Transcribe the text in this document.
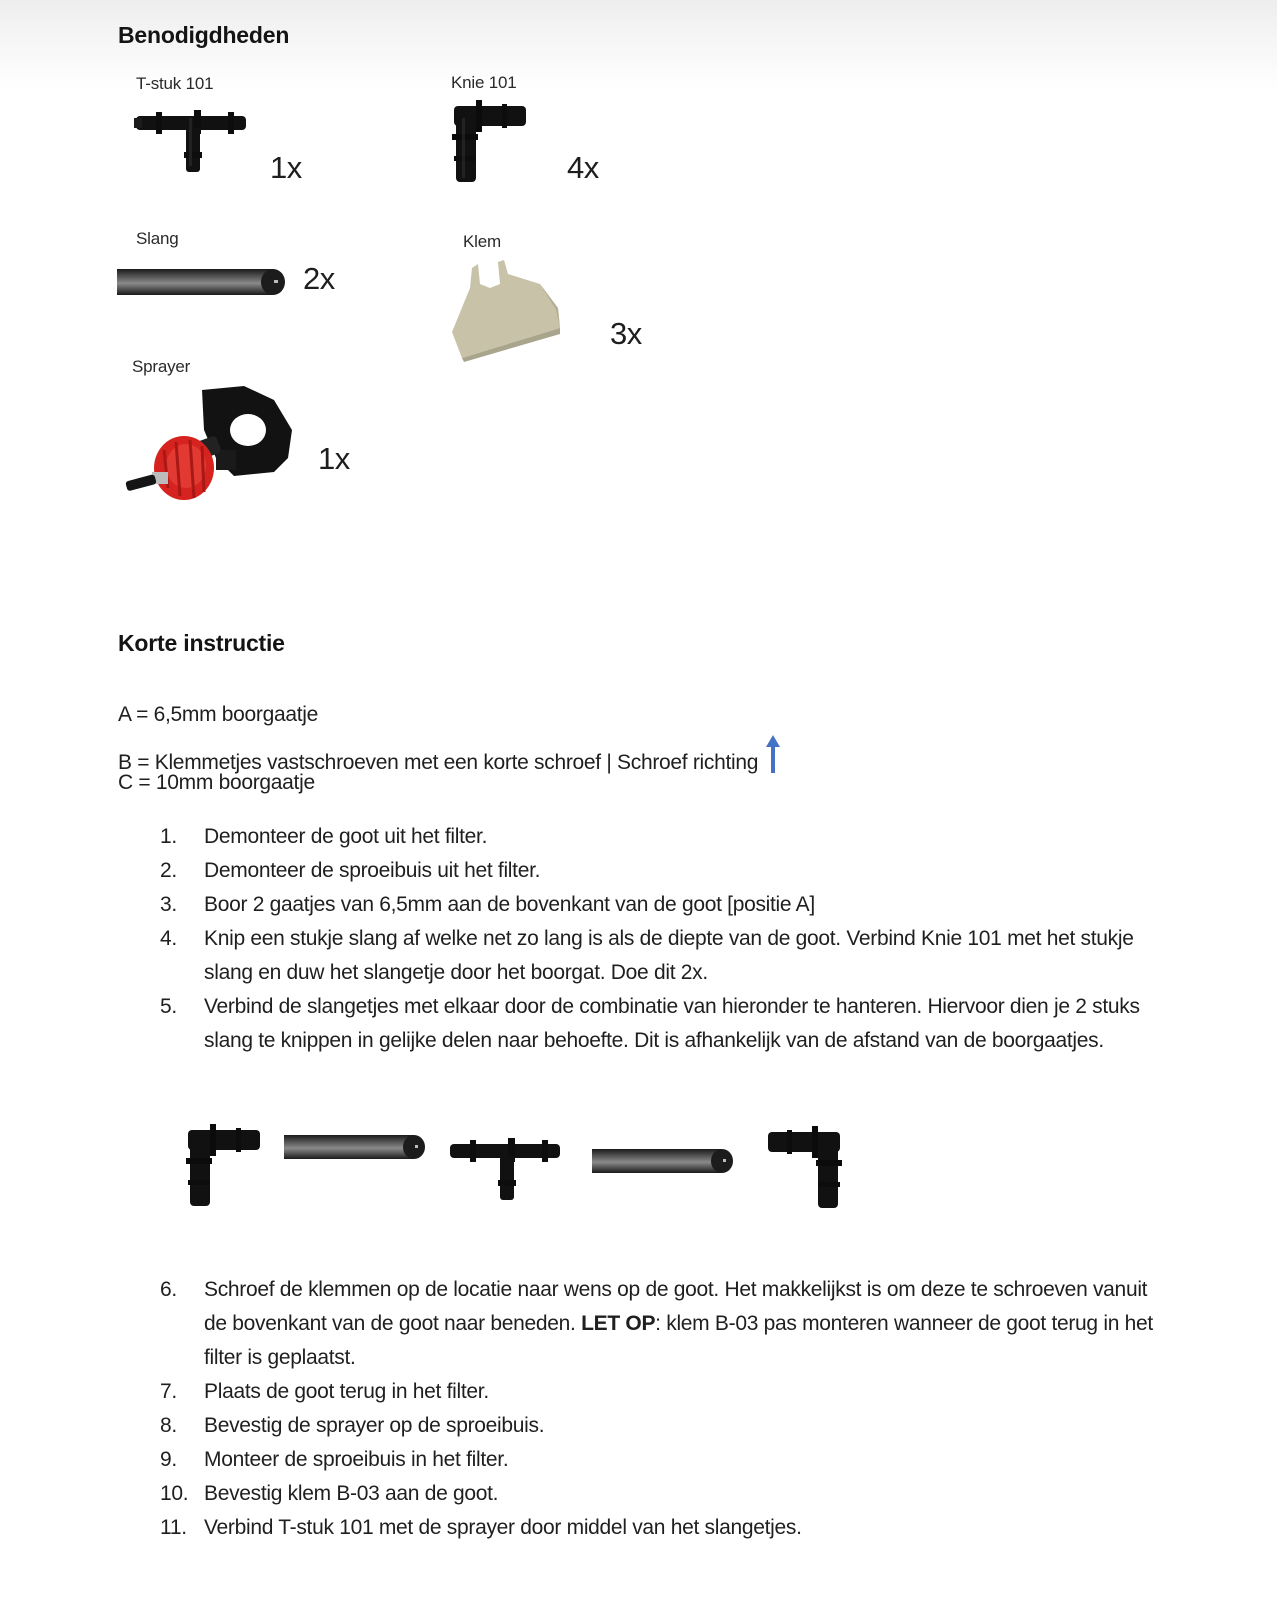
Benodigdheden
T-stuk 101
1x
Knie 101
4x
Slang
2x
Klem
3x
Sprayer
1x
Korte instructie
A = 6,5mm boorgaatje
B = Klemmetjes vastschroeven met een korte schroef | Schroef richting
C = 10mm boorgaatje
1.	Demonteer de goot uit het filter.
2.	Demonteer de sproeibuis uit het filter.
3.	Boor 2 gaatjes van 6,5mm aan de bovenkant van de goot [positie A]
4.	Knip een stukje slang af welke net zo lang is als de diepte van de goot. Verbind Knie 101 met het stukje slang en duw het slangetje door het boorgat. Doe dit 2x.
5.	Verbind de slangetjes met elkaar door de combinatie van hieronder te hanteren. Hiervoor dien je 2 stuks slang te knippen in gelijke delen naar behoefte. Dit is afhankelijk van de afstand van de boorgaatjes.
6.	Schroef de klemmen op de locatie naar wens op de goot. Het makkelijkst is om deze te schroeven vanuit de bovenkant van de goot naar beneden. LET OP: klem B-03 pas monteren wanneer de goot terug in het filter is geplaatst.
7.	Plaats de goot terug in het filter.
8.	Bevestig de sprayer op de sproeibuis.
9.	Monteer de sproeibuis in het filter.
10. Bevestig klem B-03 aan de goot.
11. Verbind T-stuk 101 met de sprayer door middel van het slangetjes.
